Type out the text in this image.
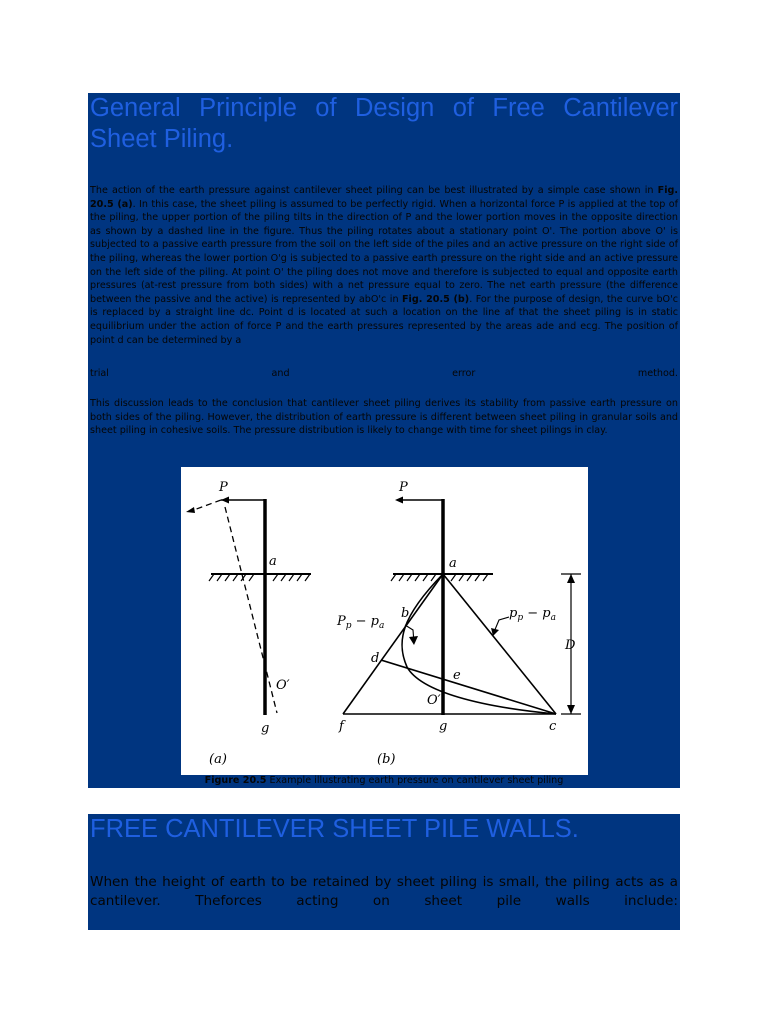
General Principle of Design of Free Cantilever
Sheet Piling.

The action of the earth pressure against cantilever sheet piling can be best illustrated by a simple case shown in Fig. 20.5 (a). In this case, the sheet piling is assumed to be perfectly rigid. When a horizontal force P is applied at the top of the piling, the upper portion of the piling tilts in the direction of P and the lower portion moves in the opposite direction as shown by a dashed line in the figure. Thus the piling rotates about a stationary point O'. The portion above O' is subjected to a passive earth pressure from the soil on the left side of the piles and an active pressure on the right side of the piling, whereas the lower portion O'g is subjected to a passive earth pressure on the right side and an active pressure on the left side of the piling. At point O' the piling does not move and therefore is subjected to equal and opposite earth pressures (at-rest pressure from both sides) with a net pressure equal to zero. The net earth pressure (the difference between the passive and the active) is represented by abO'c in Fig. 20.5 (b). For the purpose of design, the curve bO'c is replaced by a straight line dc. Point d is located at such a location on the line af that the sheet piling is in static equilibrium under the action of force P and the earth pressures represented by the areas ade and ecg. The position of point d can be determined by a

trial and error method.

This discussion leads to the conclusion that cantilever sheet piling derives its stability from passive earth pressure on both sides of the piling. However, the distribution of earth pressure is different between sheet piling in granular soils and sheet piling in cohesive soils. The pressure distribution is likely to change with time for sheet pilings in clay.

P
a
O′
g
(a)
P
a
b
d
e
O′
f	g	c
D
(b)
$P_p - p_a$
$p_p - p_a$
Figure 20.5 Example illustrating earth pressure on cantilever sheet piling
FREE CANTILEVER SHEET PILE WALLS.

When the height of earth to be retained by sheet piling is small, the piling acts as a cantilever. Theforces acting on sheet pile walls include:
